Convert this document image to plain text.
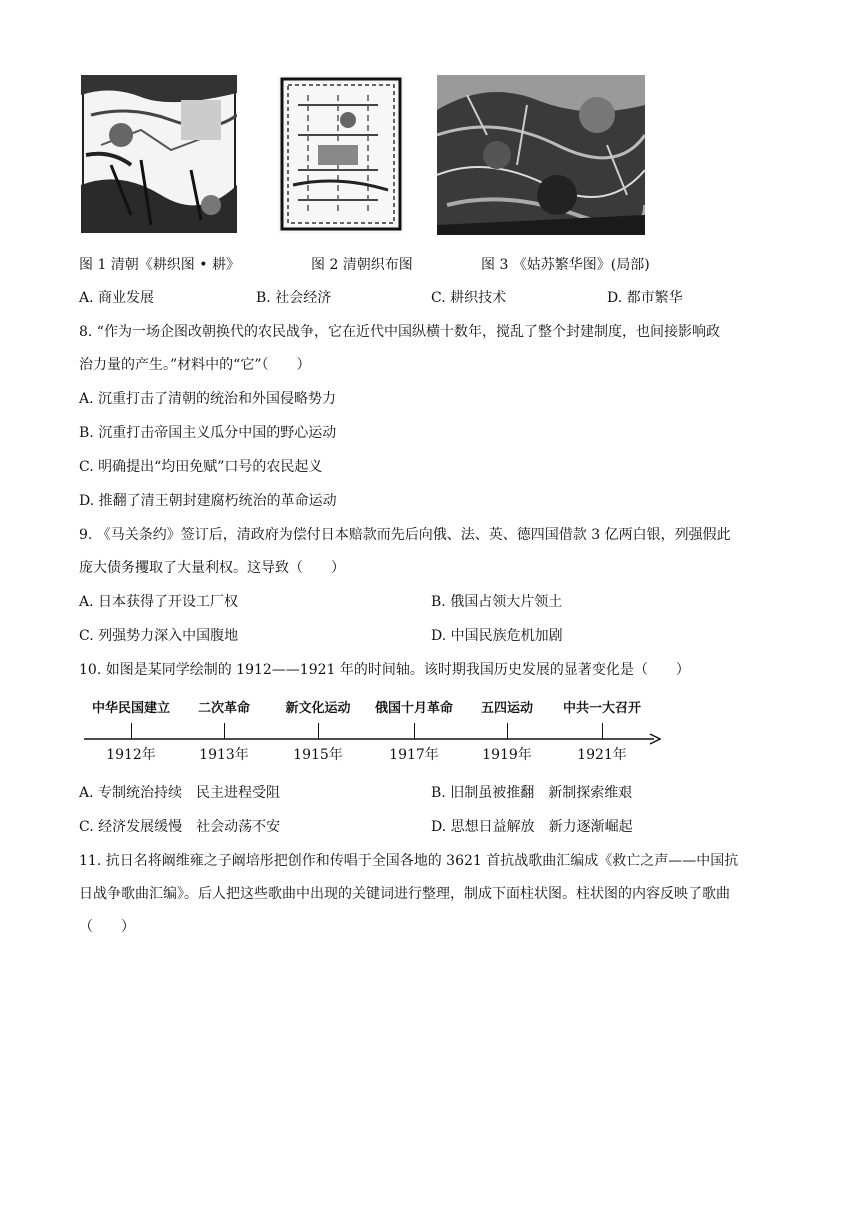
图 1 清朝《耕织图 • 耕》	图 2 清朝织布图	图 3 《姑苏繁华图》(局部)
A. 商业发展	B. 社会经济	C. 耕织技术	D. 都市繁华
8. “作为一场企图改朝换代的农民战争，它在近代中国纵横十数年，搅乱了整个封建制度，也间接影响政
治力量的产生。”材料中的“它”（　　）
A. 沉重打击了清朝的统治和外国侵略势力
B. 沉重打击帝国主义瓜分中国的野心运动
C. 明确提出“均田免赋”口号的农民起义
D. 推翻了清王朝封建腐朽统治的革命运动
9. 《马关条约》签订后，清政府为偿付日本赔款而先后向俄、法、英、德四国借款 3 亿两白银，列强假此
庞大债务攫取了大量利权。这导致（　　）
A. 日本获得了开设工厂权	B. 俄国占领大片领土
C. 列强势力深入中国腹地	D. 中国民族危机加剧
10. 如图是某同学绘制的 1912——1921 年的时间轴。该时期我国历史发展的显著变化是（　　）
中华民国建立 二次革命	新文化运动 俄国十月革命 五四运动 中共一大召开
1912年	1913年	1915年	1917年	1919年	1921年
A. 专制统治持续　民主进程受阻	B. 旧制虽被推翻　新制探索维艰
C. 经济发展缓慢　社会动荡不安	D. 思想日益解放　新力逐渐崛起
11. 抗日名将阚维雍之子阚培彤把创作和传唱于全国各地的 3621 首抗战歌曲汇编成《救亡之声——中国抗
日战争歌曲汇编》。后人把这些歌曲中出现的关键词进行整理，制成下面柱状图。柱状图的内容反映了歌曲
（　　）
